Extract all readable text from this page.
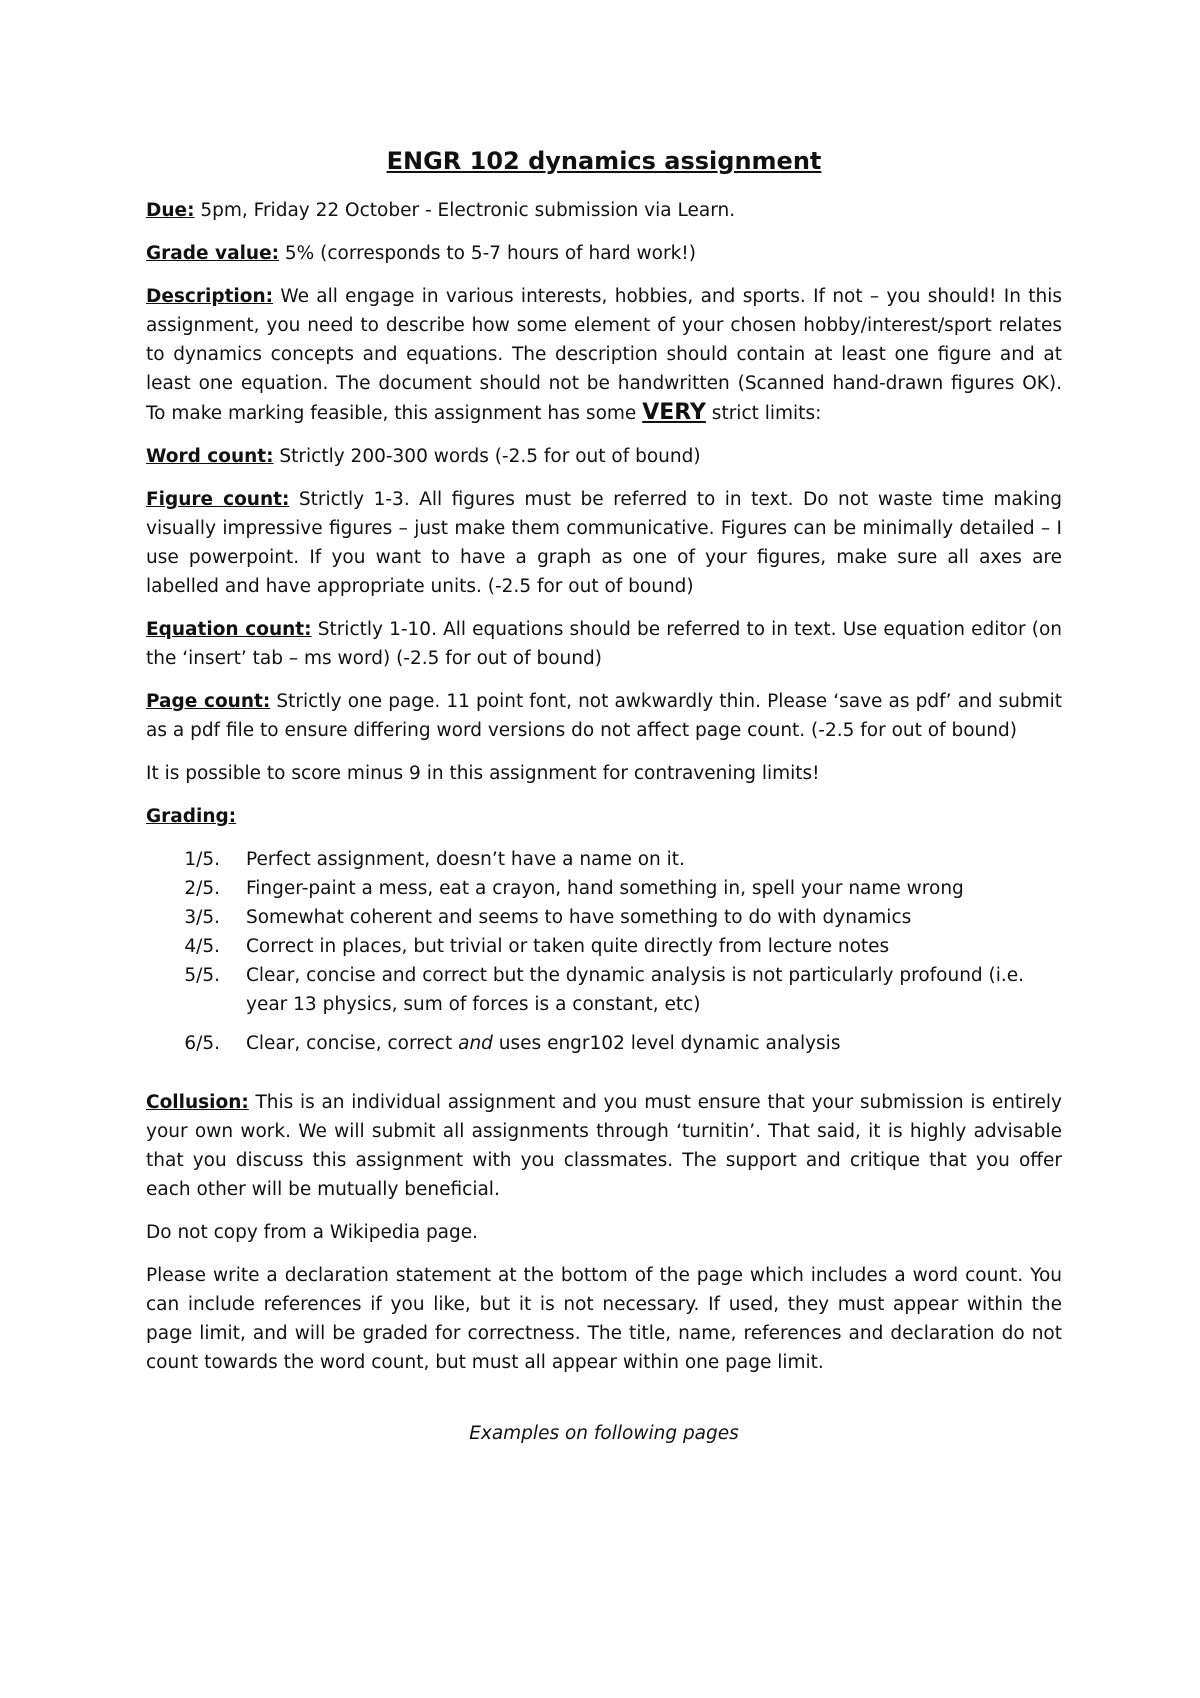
ENGR 102 dynamics assignment

Due: 5pm, Friday 22 October - Electronic submission via Learn.

Grade value: 5% (corresponds to 5-7 hours of hard work!)

Description: We all engage in various interests, hobbies, and sports. If not – you should! In this assignment, you need to describe how some element of your chosen hobby/interest/sport relates to dynamics concepts and equations. The description should contain at least one figure and at least one equation. The document should not be handwritten (Scanned hand-drawn figures OK). To make marking feasible, this assignment has some VERY strict limits:

Word count: Strictly 200-300 words (-2.5 for out of bound)

Figure count: Strictly 1-3. All figures must be referred to in text. Do not waste time making visually impressive figures – just make them communicative. Figures can be minimally detailed – I use powerpoint. If you want to have a graph as one of your figures, make sure all axes are labelled and have appropriate units. (-2.5 for out of bound)

Equation count: Strictly 1-10. All equations should be referred to in text. Use equation editor (on the ‘insert’ tab – ms word) (-2.5 for out of bound)

Page count: Strictly one page. 11 point font, not awkwardly thin. Please ‘save as pdf’ and submit as a pdf file to ensure differing word versions do not affect page count. (-2.5 for out of bound)

It is possible to score minus 9 in this assignment for contravening limits!

Grading:

1/5.	Perfect assignment, doesn’t have a name on it.
2/5.	Finger-paint a mess, eat a crayon, hand something in, spell your name wrong
3/5.	Somewhat coherent and seems to have something to do with dynamics
4/5.	Correct in places, but trivial or taken quite directly from lecture notes
5/5.	Clear, concise and correct but the dynamic analysis is not particularly profound (i.e. year 13 physics, sum of forces is a constant, etc)
6/5.	Clear, concise, correct and uses engr102 level dynamic analysis

Collusion: This is an individual assignment and you must ensure that your submission is entirely your own work. We will submit all assignments through ‘turnitin’. That said, it is highly advisable that you discuss this assignment with you classmates. The support and critique that you offer each other will be mutually beneficial.

Do not copy from a Wikipedia page.

Please write a declaration statement at the bottom of the page which includes a word count. You can include references if you like, but it is not necessary. If used, they must appear within the page limit, and will be graded for correctness. The title, name, references and declaration do not count towards the word count, but must all appear within one page limit.

Examples on following pages
